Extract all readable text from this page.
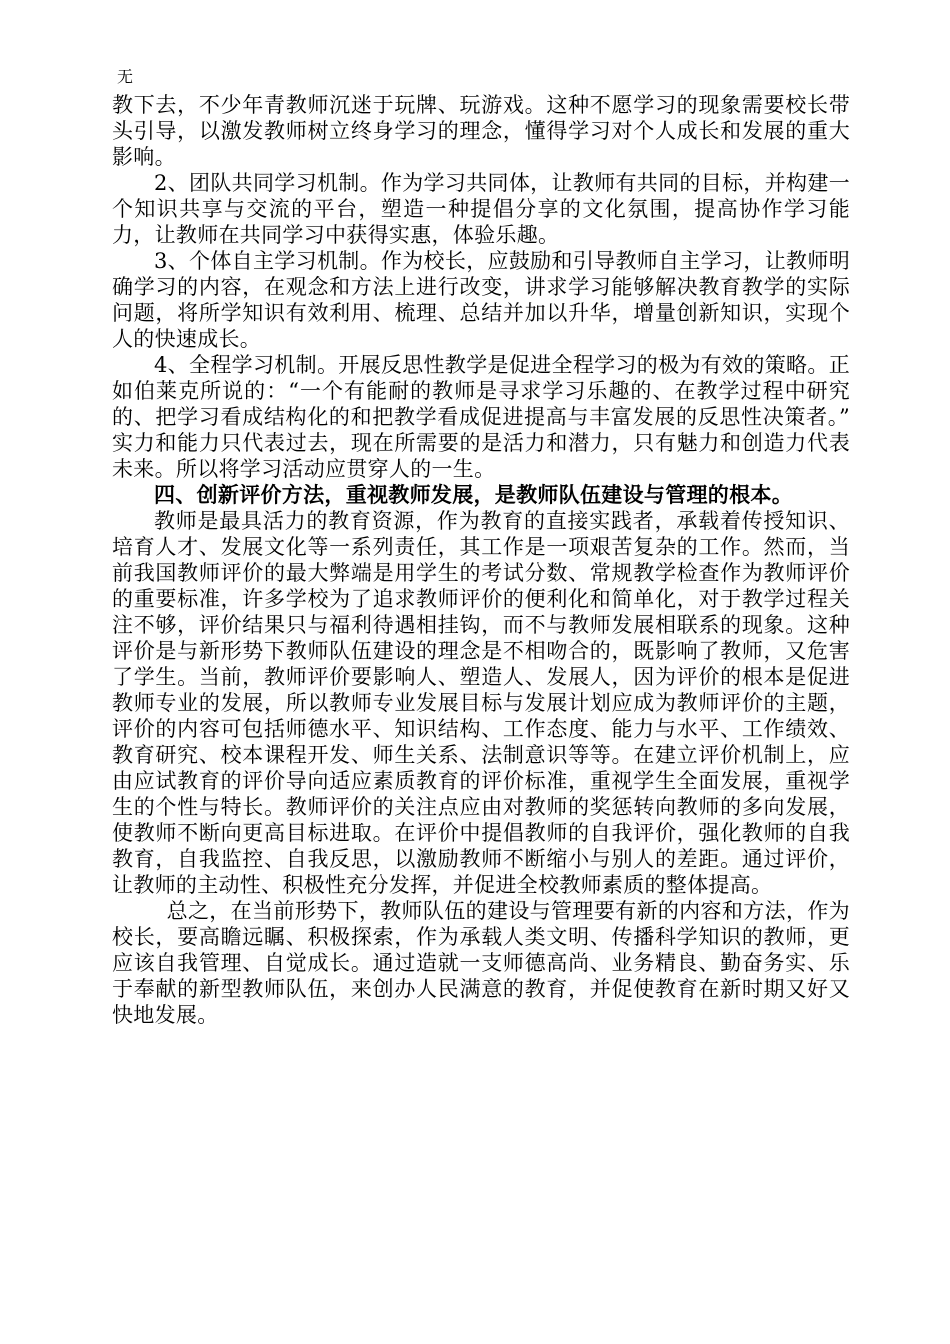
无

教下去，不少年青教师沉迷于玩牌、玩游戏。这种不愿学习的现象需要校长带头引导，以激发教师树立终身学习的理念，懂得学习对个人成长和发展的重大影响。

2、团队共同学习机制。作为学习共同体，让教师有共同的目标，并构建一个知识共享与交流的平台，塑造一种提倡分享的文化氛围，提高协作学习能力，让教师在共同学习中获得实惠，体验乐趣。

3、个体自主学习机制。作为校长，应鼓励和引导教师自主学习，让教师明确学习的内容，在观念和方法上进行改变，讲求学习能够解决教育教学的实际问题，将所学知识有效利用、梳理、总结并加以升华，增量创新知识，实现个人的快速成长。

4、全程学习机制。开展反思性教学是促进全程学习的极为有效的策略。正如伯莱克所说的：“一个有能耐的教师是寻求学习乐趣的、在教学过程中研究的、把学习看成结构化的和把教学看成促进提高与丰富发展的反思性决策者。” 实力和能力只代表过去，现在所需要的是活力和潜力，只有魅力和创造力代表未来。所以将学习活动应贯穿人的一生。

四、创新评价方法，重视教师发展，是教师队伍建设与管理的根本。

教师是最具活力的教育资源，作为教育的直接实践者，承载着传授知识、培育人才、发展文化等一系列责任，其工作是一项艰苦复杂的工作。然而，当前我国教师评价的最大弊端是用学生的考试分数、常规教学检查作为教师评价的重要标准，许多学校为了追求教师评价的便利化和简单化，对于教学过程关注不够，评价结果只与福利待遇相挂钩，而不与教师发展相联系的现象。这种评价是与新形势下教师队伍建设的理念是不相吻合的，既影响了教师，又危害了学生。当前，教师评价要影响人、塑造人、发展人，因为评价的根本是促进教师专业的发展，所以教师专业发展目标与发展计划应成为教师评价的主题，评价的内容可包括师德水平、知识结构、工作态度、能力与水平、工作绩效、教育研究、校本课程开发、师生关系、法制意识等等。在建立评价机制上，应由应试教育的评价导向适应素质教育的评价标准，重视学生全面发展，重视学生的个性与特长。教师评价的关注点应由对教师的奖惩转向教师的多向发展，使教师不断向更高目标进取。在评价中提倡教师的自我评价，强化教师的自我教育，自我监控、自我反思，以激励教师不断缩小与别人的差距。通过评价，让教师的主动性、积极性充分发挥，并促进全校教师素质的整体提高。

总之，在当前形势下，教师队伍的建设与管理要有新的内容和方法，作为校长，要高瞻远瞩、积极探索，作为承载人类文明、传播科学知识的教师，更应该自我管理、自觉成长。通过造就一支师德高尚、业务精良、勤奋务实、乐于奉献的新型教师队伍，来创办人民满意的教育，并促使教育在新时期又好又快地发展。
